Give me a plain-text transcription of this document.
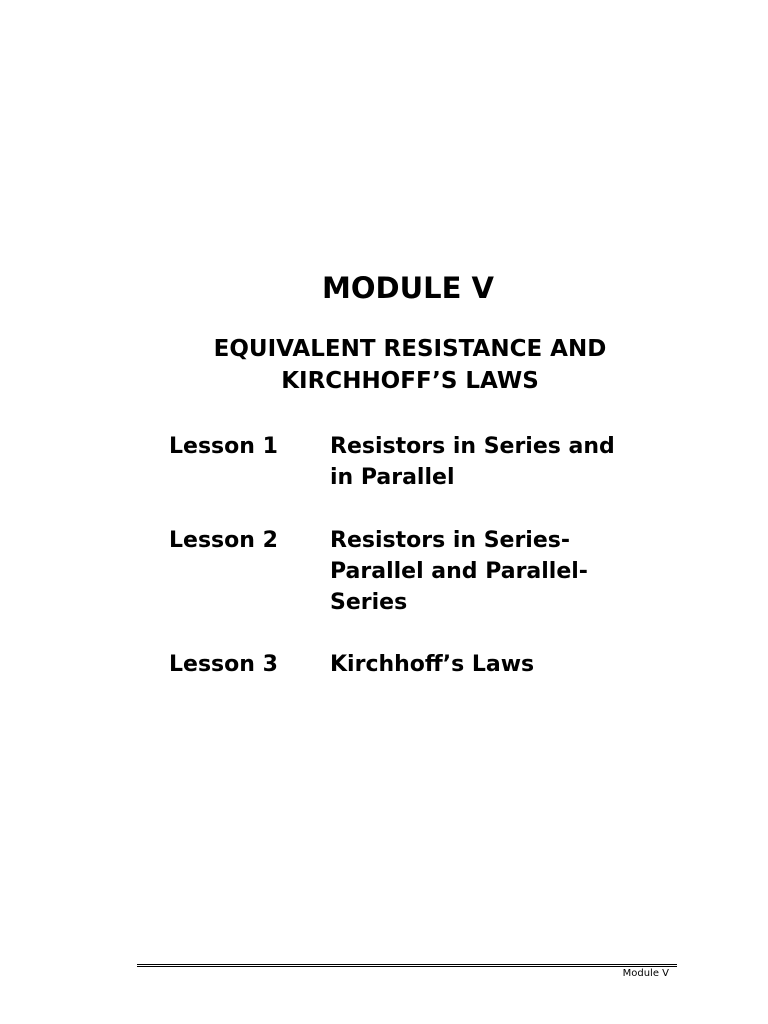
MODULE V
EQUIVALENT RESISTANCE AND
KIRCHHOFF’S LAWS
Lesson 1 Resistors in Series and
in Parallel
Lesson 2 Resistors in Series-
Parallel and Parallel-
Series
Lesson 3 Kirchhoff’s Laws
Module V
